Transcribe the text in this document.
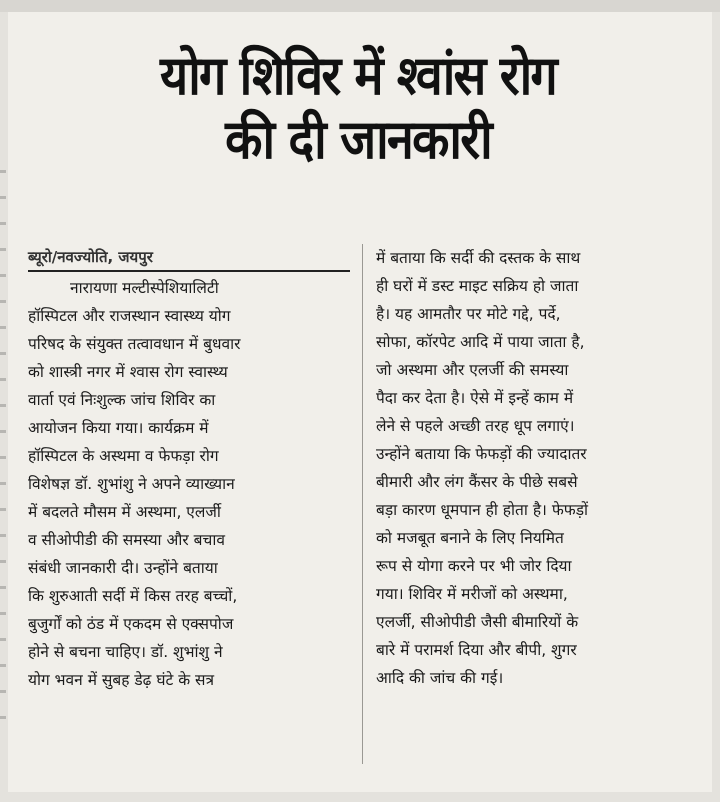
योग शिविर में श्वांस रोग
की दी जानकारी
ब्यूरो/नवज्योति, जयपुर
नारायणा मल्टीस्पेशियालिटी
हॉस्पिटल और राजस्थान स्वास्थ्य योग
परिषद के संयुक्त तत्वावधान में बुधवार
को शास्त्री नगर में श्वास रोग स्वास्थ्य
वार्ता एवं निःशुल्क जांच शिविर का
आयोजन किया गया। कार्यक्रम में
हॉस्पिटल के अस्थमा व फेफड़ा रोग
विशेषज्ञ डॉ. शुभांशु ने अपने व्याख्यान
में बदलते मौसम में अस्थमा, एलर्जी
व सीओपीडी की समस्या और बचाव
संबंधी जानकारी दी। उन्होंने बताया
कि शुरुआती सर्दी में किस तरह बच्चों,
बुजुर्गों को ठंड में एकदम से एक्सपोज
होने से बचना चाहिए। डॉ. शुभांशु ने
योग भवन में सुबह डेढ़ घंटे के सत्र
में बताया कि सर्दी की दस्तक के साथ
ही घरों में डस्ट माइट सक्रिय हो जाता
है। यह आमतौर पर मोटे गद्दे, पर्दे,
सोफा, कॉरपेट आदि में पाया जाता है,
जो अस्थमा और एलर्जी की समस्या
पैदा कर देता है। ऐसे में इन्हें काम में
लेने से पहले अच्छी तरह धूप लगाएं।
उन्होंने बताया कि फेफड़ों की ज्यादातर
बीमारी और लंग कैंसर के पीछे सबसे
बड़ा कारण धूमपान ही होता है। फेफड़ों
को मजबूत बनाने के लिए नियमित
रूप से योगा करने पर भी जोर दिया
गया। शिविर में मरीजों को अस्थमा,
एलर्जी, सीओपीडी जैसी बीमारियों के
बारे में परामर्श दिया और बीपी, शुगर
आदि की जांच की गई।
